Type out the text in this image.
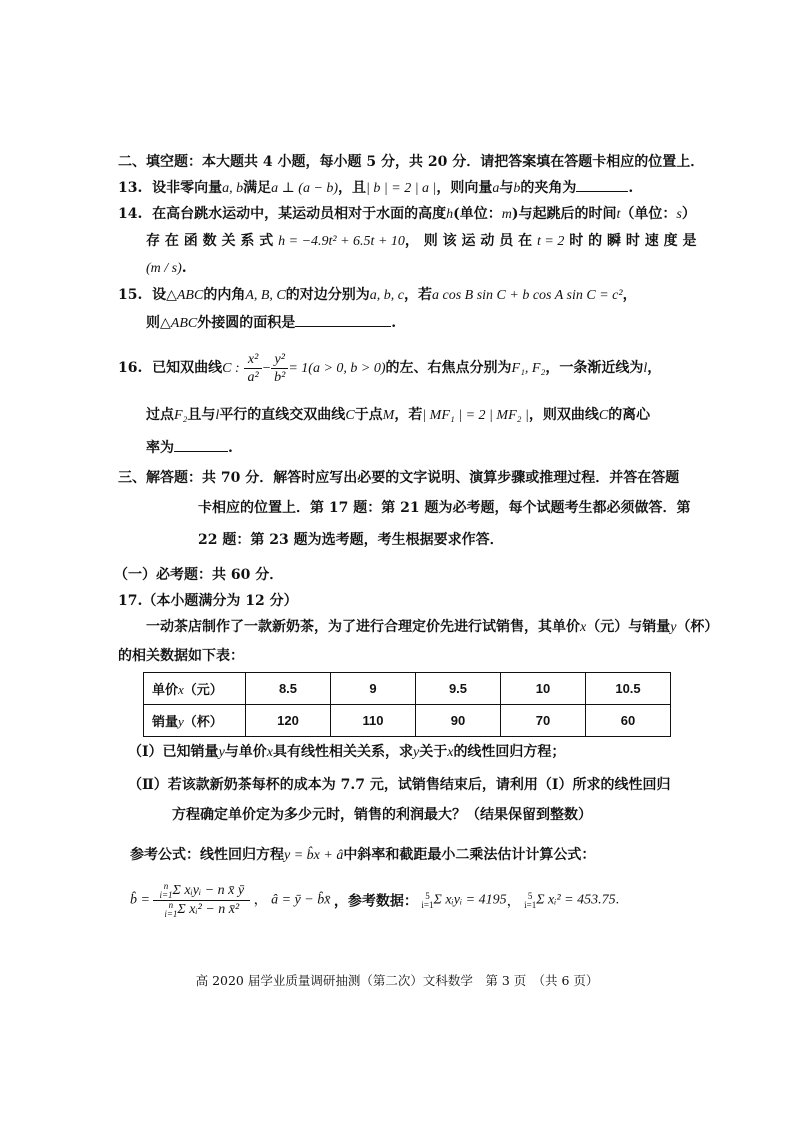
二、填空题：本大题共 4 小题，每小题 5 分，共 20 分．请把答案填在答题卡相应的位置上．
13. 设非零向量a, b满足a ⊥ (a − b)，且| b | = 2 | a |，则向量a与b的夹角为	.
14. 在高台跳水运动中，某运动员相对于水面的高度h(单位：m)与起跳后的时间t（单位：s）
存 在 函 数 关 系 式 h = −4.9t² + 6.5t + 10， 则 该 运 动 员 在 t = 2 时 的 瞬 时 速 度 是
(m / s).
15. 设△ABC的内角A, B, C的对边分别为a, b, c，若a cos B sin C + b cos A sin C = c²，
则△ABC外接圆的面积是	.
16. 已知双曲线C : $\frac{\text{x²}}{\text{a²}} - \frac{\text{y²}}{\text{b²}} = 1(a > 0$, b > 0)的左、右焦点分别为F₁, F₂，一条渐近线为l，
过点F₂且与l平行的直线交双曲线C于点M，若| MF₁ | = 2 | MF₂ |，则双曲线C的离心
率为	.
三、解答题：共 70 分．解答时应写出必要的文字说明、演算步骤或推理过程．并答在答题
卡相应的位置上．第 17 题：第 21 题为必考题，每个试题考生都必须做答．第
22 题：第 23 题为选考题，考生根据要求作答．
（一）必考题：共 60 分．
17.（本小题满分为 12 分）
一动茶店制作了一款新奶茶，为了进行合理定价先进行试销售，其单价x（元）与销量y（杯）
的相关数据如下表：
单价x（元）	8.5	9	9.5	10	10.5
销量y（杯）	120	110	90	70	60
（Ⅰ）已知销量y与单价x具有线性相关关系，求y关于x的线性回归方程；
（Ⅱ）若该款新奶茶每杯的成本为 7.7 元，试销售结束后，请利用（Ⅰ）所求的线性回归
方程确定单价定为多少元时，销售的利润最大？（结果保留到整数）
参考公式：线性回归方程y = b̂x + â中斜率和截距最小二乘法估计计算公式：
b̂ = n
i=1 Σ xᵢyᵢ − n x̄ ȳ
n
i=1 Σ xᵢ² − n x̄² ， â = ȳ − b̂x̄ ，参考数据： 5
i=1 Σ xᵢyᵢ = 4195， 5
i=1 Σ xᵢ² = 453.75.
高 2020 届学业质量调研抽测（第二次）文科数学　第 3 页　（共 6 页）
